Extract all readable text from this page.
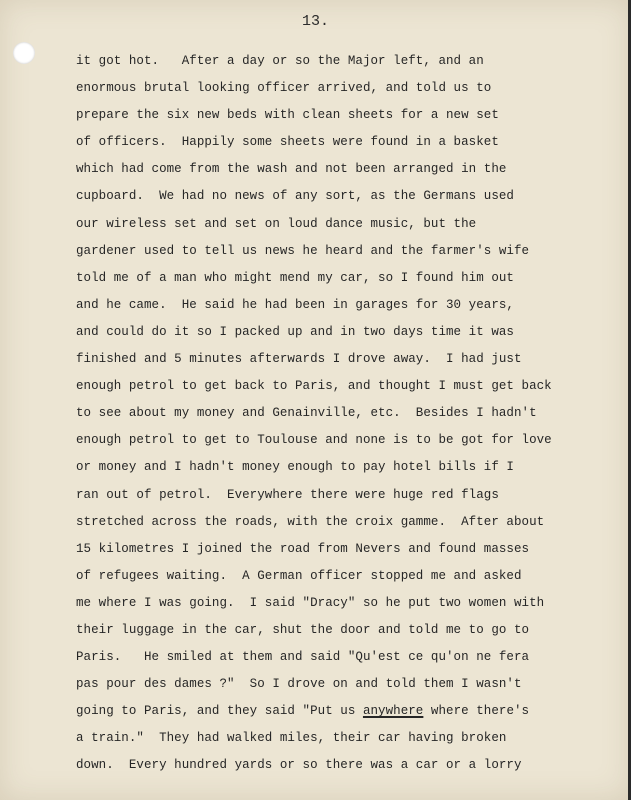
13.
it got hot.   After a day or so the Major left, and an
enormous brutal looking officer arrived, and told us to
prepare the six new beds with clean sheets for a new set
of officers.  Happily some sheets were found in a basket
which had come from the wash and not been arranged in the
cupboard.  We had no news of any sort, as the Germans used
our wireless set and set on loud dance music, but the
gardener used to tell us news he heard and the farmer's wife
told me of a man who might mend my car, so I found him out
and he came.  He said he had been in garages for 30 years,
and could do it so I packed up and in two days time it was
finished and 5 minutes afterwards I drove away.  I had just
enough petrol to get back to Paris, and thought I must get back
to see about my money and Genainville, etc.  Besides I hadn't
enough petrol to get to Toulouse and none is to be got for love
or money and I hadn't money enough to pay hotel bills if I
ran out of petrol.  Everywhere there were huge red flags
stretched across the roads, with the croix gamme.  After about
15 kilometres I joined the road from Nevers and found masses
of refugees waiting.  A German officer stopped me and asked
me where I was going.  I said "Dracy" so he put two women with
their luggage in the car, shut the door and told me to go to
Paris.   He smiled at them and said "Qu'est ce qu'on ne fera
pas pour des dames ?"  So I drove on and told them I wasn't
going to Paris, and they said "Put us anywhere where there's
a train."  They had walked miles, their car having broken
down.  Every hundred yards or so there was a car or a lorry
